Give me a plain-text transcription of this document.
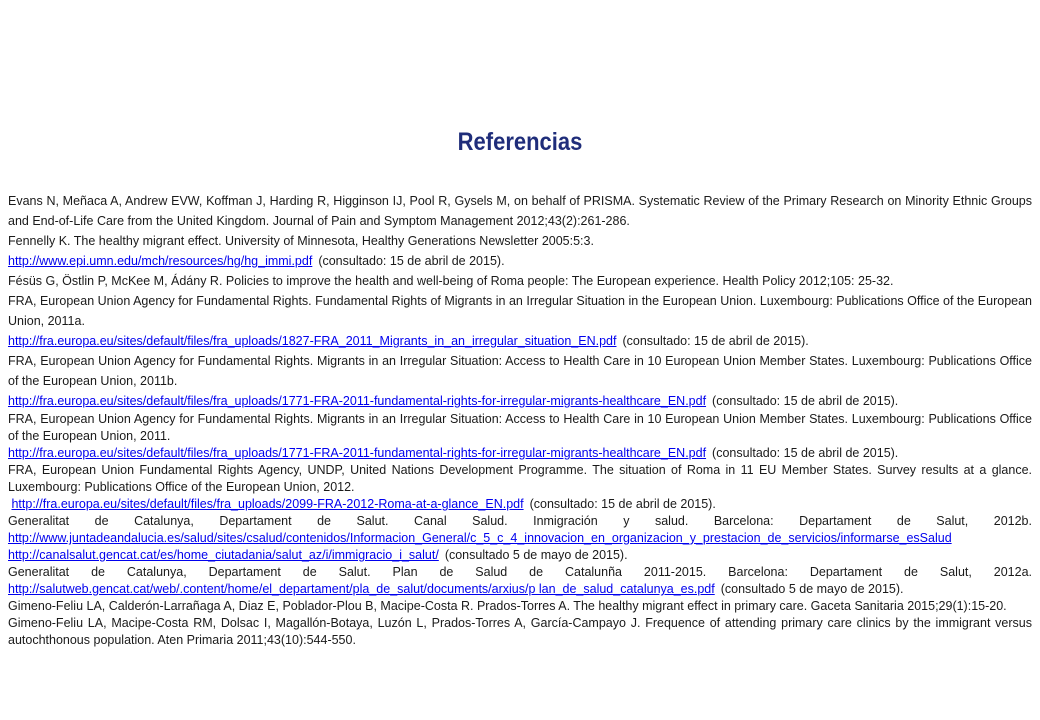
Referencias

Evans N, Meñaca A, Andrew EVW, Koffman J, Harding R, Higginson IJ, Pool R, Gysels M, on behalf of PRISMA. Systematic Review of the Primary Research on Minority Ethnic Groups and End-of-Life Care from the United Kingdom. Journal of Pain and Symptom Management 2012;43(2):261-286.

Fennelly K. The healthy migrant effect. University of Minnesota, Healthy Generations Newsletter 2005:5:3.

http://www.epi.umn.edu/mch/resources/hg/hg_immi.pdf (consultado: 15 de abril de 2015).

Fésüs G, Östlin P, McKee M, Ádány R. Policies to improve the health and well-being of Roma people: The European experience. Health Policy 2012;105: 25-32.

FRA, European Union Agency for Fundamental Rights. Fundamental Rights of Migrants in an Irregular Situation in the European Union. Luxembourg: Publications Office of the European Union, 2011a.

http://fra.europa.eu/sites/default/files/fra_uploads/1827-FRA_2011_Migrants_in_an_irregular_situation_EN.pdf (consultado: 15 de abril de 2015).

FRA, European Union Agency for Fundamental Rights. Migrants in an Irregular Situation: Access to Health Care in 10 European Union Member States. Luxembourg: Publications Office of the European Union, 2011b.

http://fra.europa.eu/sites/default/files/fra_uploads/1771-FRA-2011-fundamental-rights-for-irregular-migrants-healthcare_EN.pdf (consultado: 15 de abril de 2015).

FRA, European Union Agency for Fundamental Rights. Migrants in an Irregular Situation: Access to Health Care in 10 European Union Member States. Luxembourg: Publications Office of the European Union, 2011.

http://fra.europa.eu/sites/default/files/fra_uploads/1771-FRA-2011-fundamental-rights-for-irregular-migrants-healthcare_EN.pdf (consultado: 15 de abril de 2015).

FRA, European Union Fundamental Rights Agency, UNDP, United Nations Development Programme. The situation of Roma in 11 EU Member States. Survey results at a glance. Luxembourg: Publications Office of the European Union, 2012.

http://fra.europa.eu/sites/default/files/fra_uploads/2099-FRA-2012-Roma-at-a-glance_EN.pdf (consultado: 15 de abril de 2015).

Generalitat de Catalunya, Departament de Salut. Canal Salud. Inmigración y salud. Barcelona: Departament de Salut, 2012b.

http://www.juntadeandalucia.es/salud/sites/csalud/contenidos/Informacion_General/c_5_c_4_innovacion_en_organizacion_y_prestacion_de_servicios/informarse_esSalud

http://canalsalut.gencat.cat/es/home_ciutadania/salut_az/i/immigracio_i_salut/ (consultado 5 de mayo de 2015).

Generalitat de Catalunya, Departament de Salut. Plan de Salud de Catalunña 2011-2015. Barcelona: Departament de Salut, 2012a.

http://salutweb.gencat.cat/web/.content/home/el_departament/pla_de_salut/documents/arxius/p lan_de_salud_catalunya_es.pdf (consultado 5 de mayo de 2015).

Gimeno-Feliu LA, Calderón-Larrañaga A, Diaz E, Poblador-Plou B, Macipe-Costa R. Prados-Torres A. The healthy migrant effect in primary care. Gaceta Sanitaria 2015;29(1):15-20.

Gimeno-Feliu LA, Macipe-Costa RM, Dolsac I, Magallón-Botaya, Luzón L, Prados-Torres A, García-Campayo J. Frequence of attending primary care clinics by the immigrant versus autochthonous population. Aten Primaria 2011;43(10):544-550.
